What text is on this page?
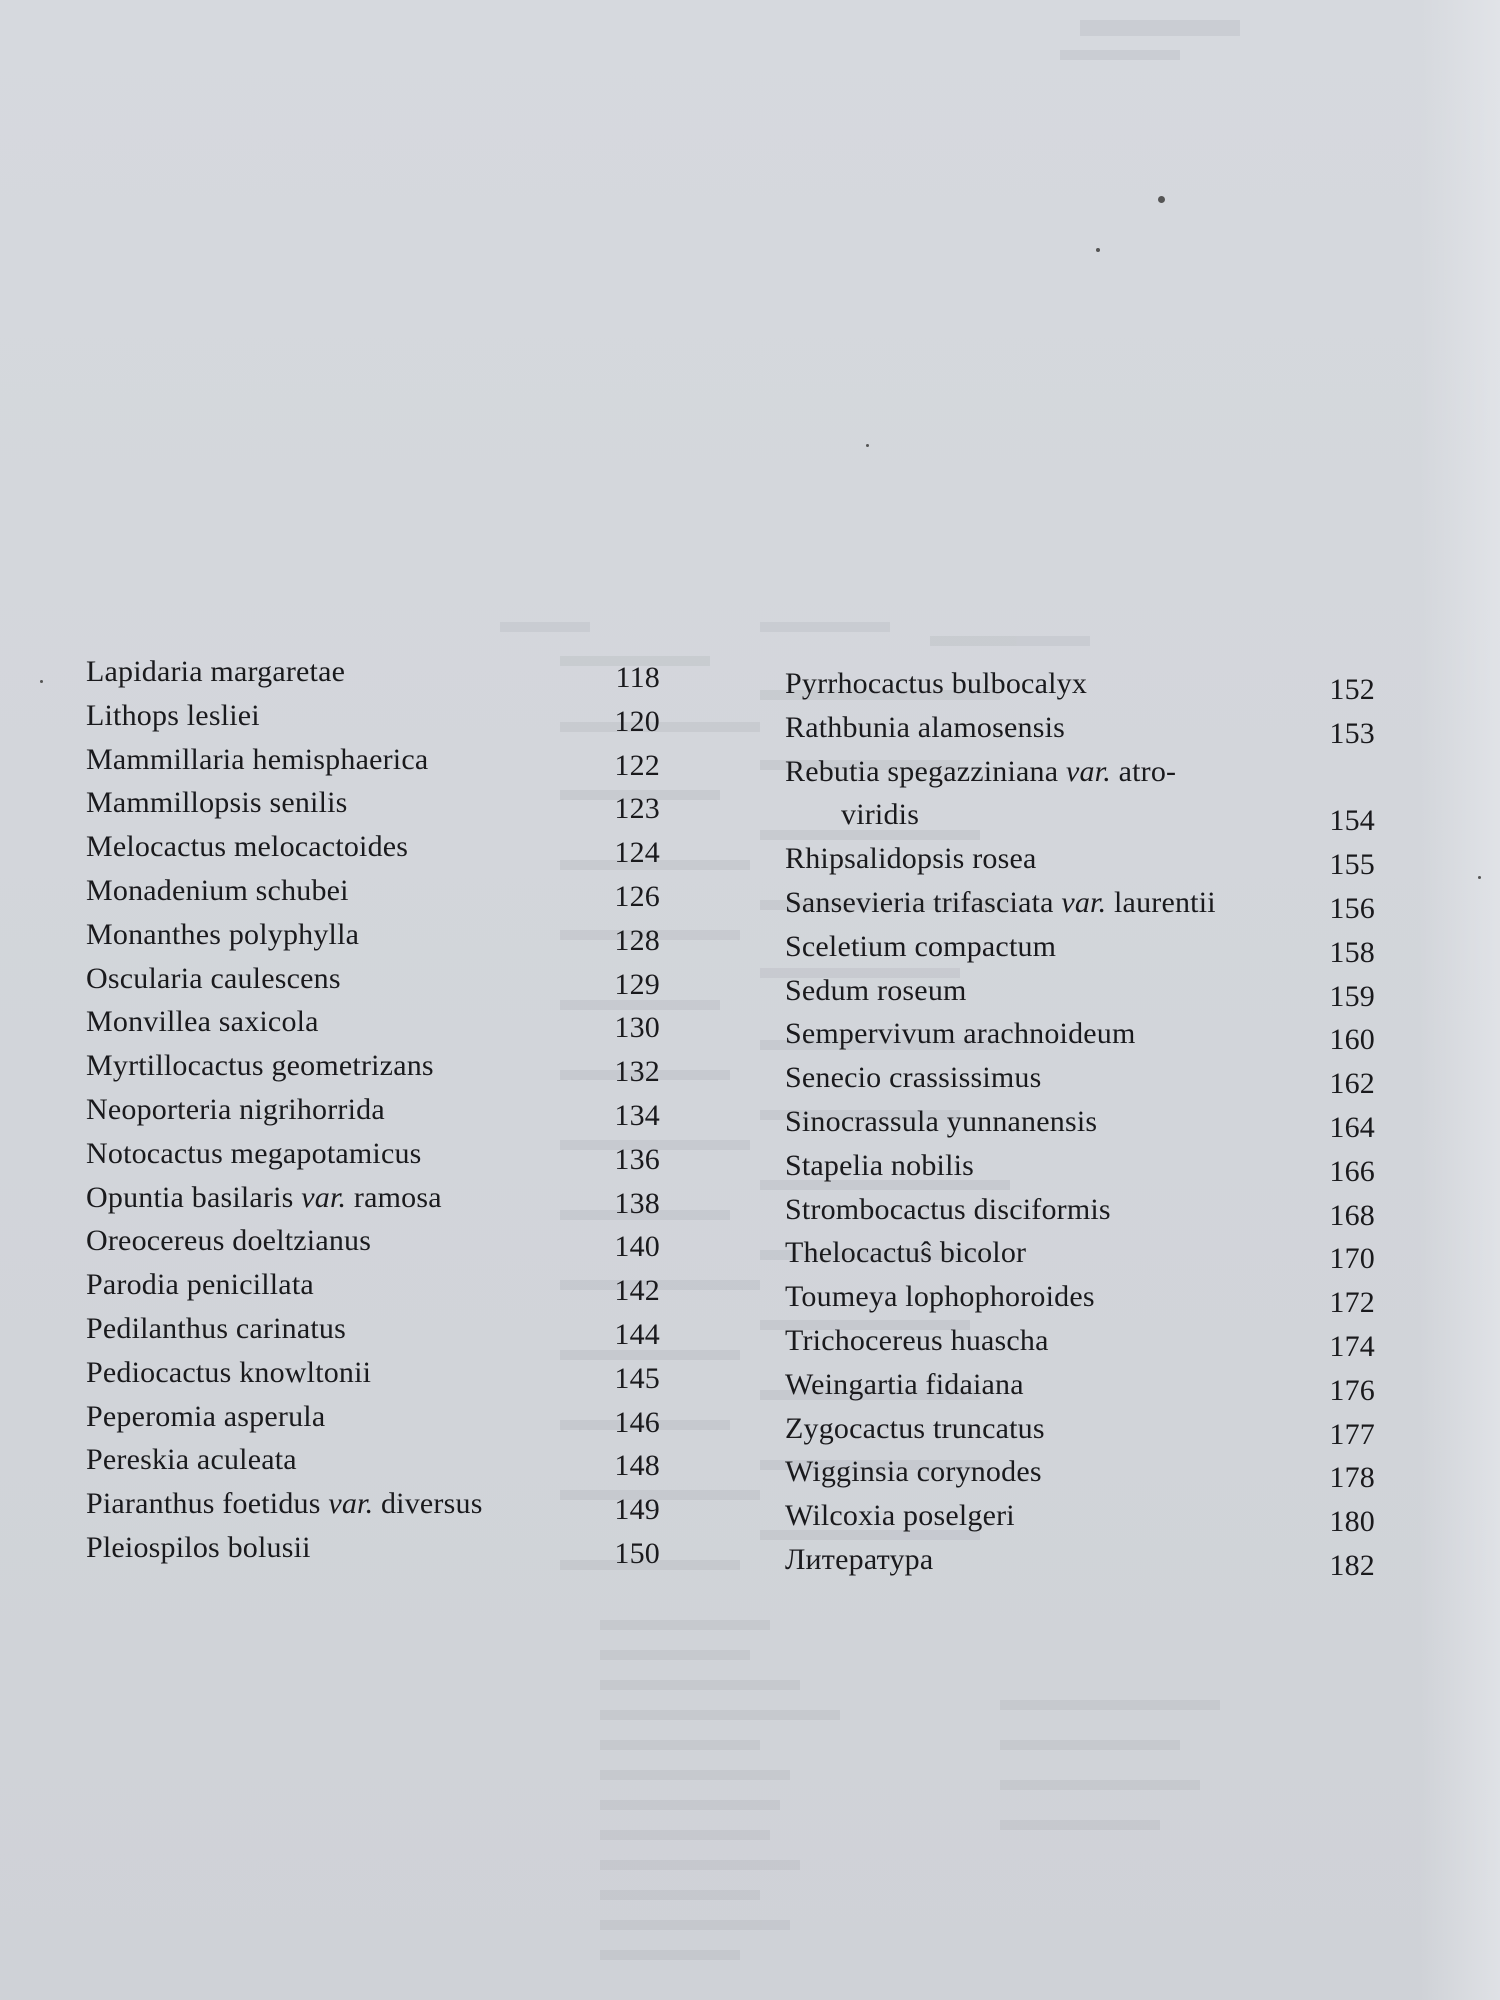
Lapidaria margaretae	118
Lithops lesliei	120
Mammillaria hemisphaerica	122
Mammillopsis senilis	123
Melocactus melocactoides	124
Monadenium schubei	126
Monanthes polyphylla	128
Oscularia caulescens	129
Monvillea saxicola	130
Myrtillocactus geometrizans	132
Neoporteria nigrihorrida	134
Notocactus megapotamicus	136
Opuntia basilaris var. ramosa	138
Oreocereus doeltzianus	140
Parodia penicillata	142
Pedilanthus carinatus	144
Pediocactus knowltonii	145
Peperomia asperula	146
Pereskia aculeata	148
Piaranthus foetidus var. diversus	149
Pleiospilos bolusii	150
Pyrrhocactus bulbocalyx	152
Rathbunia alamosensis	153
Rebutia spegazziniana var. atro-
viridis	154
Rhipsalidopsis rosea	155
Sansevieria trifasciata var. laurentii	156
Sceletium compactum	158
Sedum roseum	159
Sempervivum arachnoideum	160
Senecio crassissimus	162
Sinocrassula yunnanensis	164
Stapelia nobilis	166
Strombocactus disciformis	168
Thelocactuŝ bicolor	170
Toumeya lophophoroides	172
Trichocereus huascha	174
Weingartia fidaiana	176
Zygocactus truncatus	177
Wigginsia corynodes	178
Wilcoxia poselgeri	180
Литература	182
